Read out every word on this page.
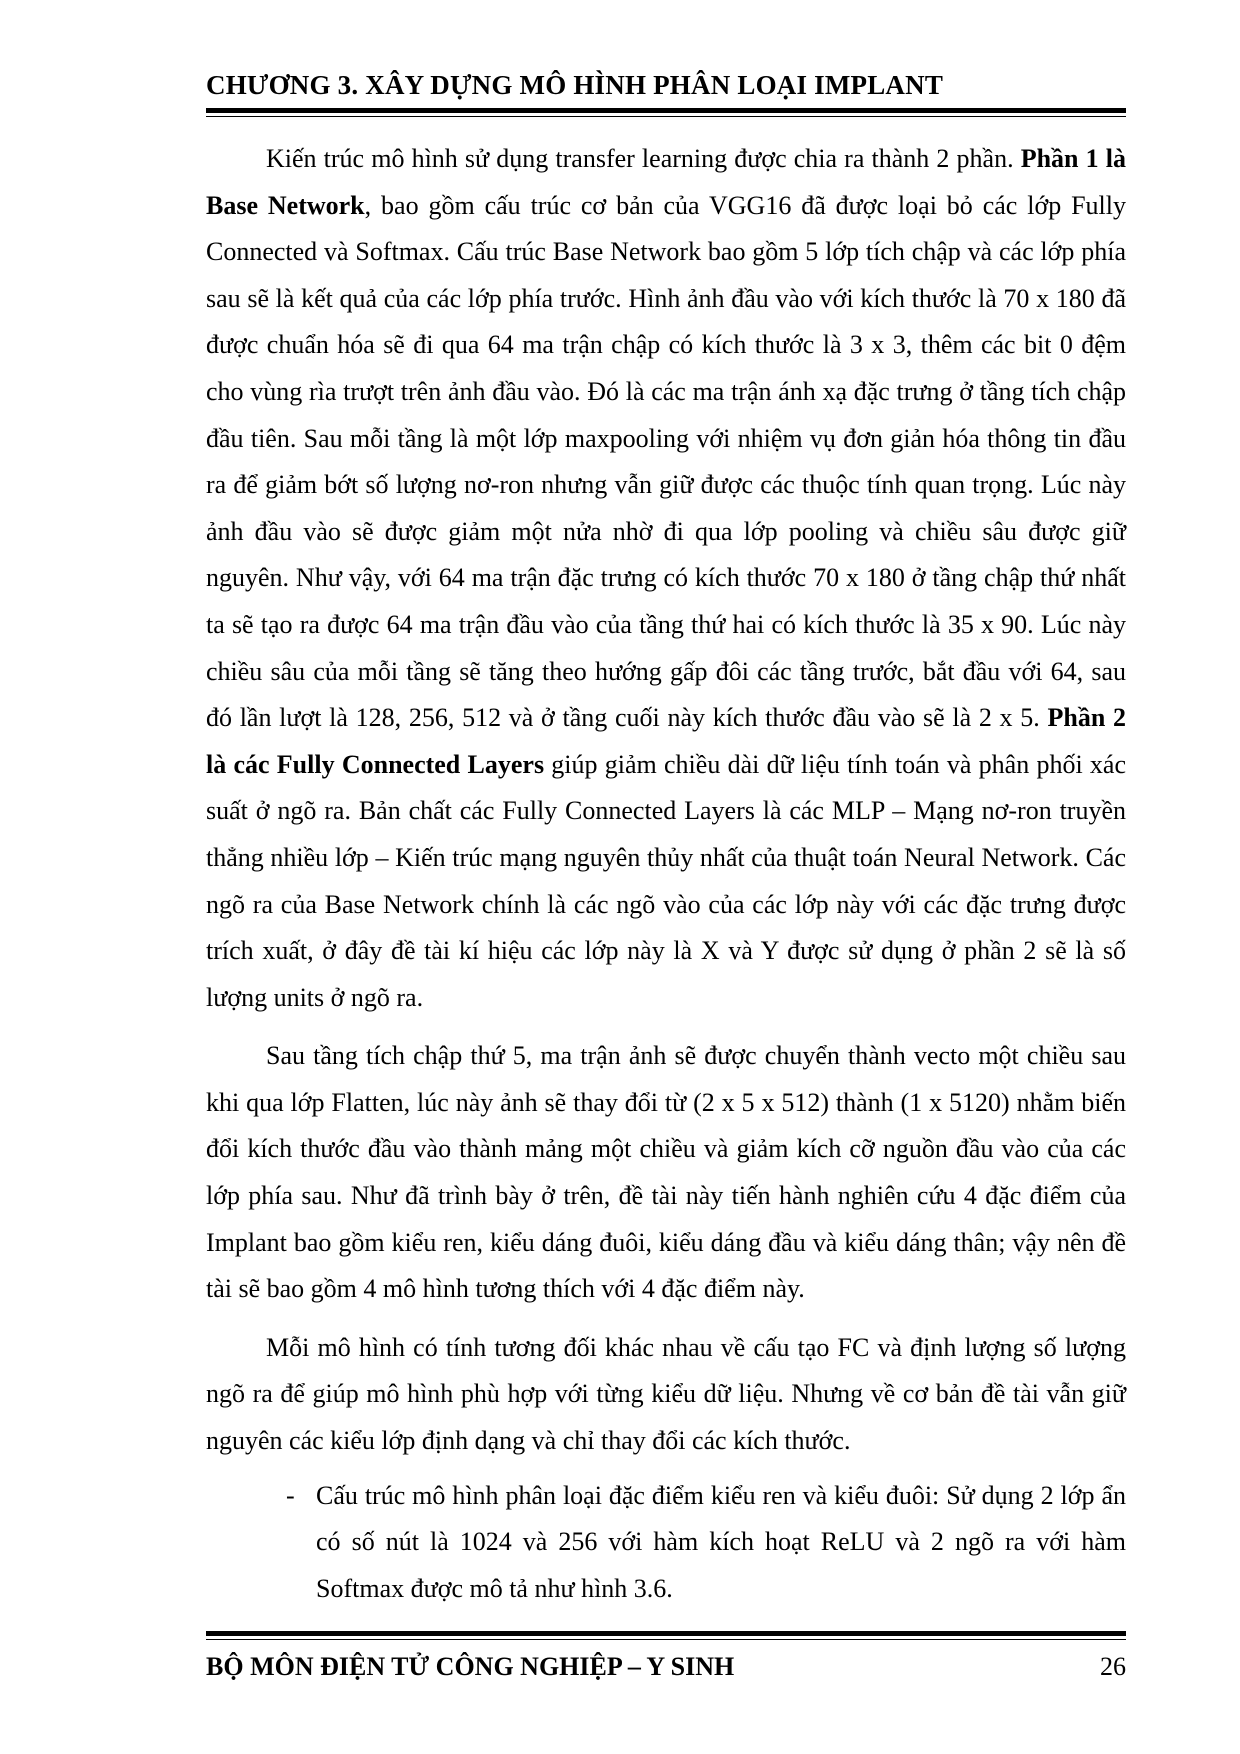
CHƯƠNG 3. XÂY DỰNG MÔ HÌNH PHÂN LOẠI IMPLANT

Kiến trúc mô hình sử dụng transfer learning được chia ra thành 2 phần. Phần 1 là Base Network, bao gồm cấu trúc cơ bản của VGG16 đã được loại bỏ các lớp Fully Connected và Softmax. Cấu trúc Base Network bao gồm 5 lớp tích chập và các lớp phía sau sẽ là kết quả của các lớp phía trước. Hình ảnh đầu vào với kích thước là 70 x 180 đã được chuẩn hóa sẽ đi qua 64 ma trận chập có kích thước là 3 x 3, thêm các bit 0 đệm cho vùng rìa trượt trên ảnh đầu vào. Đó là các ma trận ánh xạ đặc trưng ở tầng tích chập đầu tiên. Sau mỗi tầng là một lớp maxpooling với nhiệm vụ đơn giản hóa thông tin đầu ra để giảm bớt số lượng nơ-ron nhưng vẫn giữ được các thuộc tính quan trọng. Lúc này ảnh đầu vào sẽ được giảm một nửa nhờ đi qua lớp pooling và chiều sâu được giữ nguyên. Như vậy, với 64 ma trận đặc trưng có kích thước 70 x 180 ở tầng chập thứ nhất ta sẽ tạo ra được 64 ma trận đầu vào của tầng thứ hai có kích thước là 35 x 90. Lúc này chiều sâu của mỗi tầng sẽ tăng theo hướng gấp đôi các tầng trước, bắt đầu với 64, sau đó lần lượt là 128, 256, 512 và ở tầng cuối này kích thước đầu vào sẽ là 2 x 5. Phần 2 là các Fully Connected Layers giúp giảm chiều dài dữ liệu tính toán và phân phối xác suất ở ngõ ra. Bản chất các Fully Connected Layers là các MLP – Mạng nơ-ron truyền thẳng nhiều lớp – Kiến trúc mạng nguyên thủy nhất của thuật toán Neural Network. Các ngõ ra của Base Network chính là các ngõ vào của các lớp này với các đặc trưng được trích xuất, ở đây đề tài kí hiệu các lớp này là X và Y được sử dụng ở phần 2 sẽ là số lượng units ở ngõ ra.

Sau tầng tích chập thứ 5, ma trận ảnh sẽ được chuyển thành vecto một chiều sau khi qua lớp Flatten, lúc này ảnh sẽ thay đổi từ (2 x 5 x 512) thành (1 x 5120) nhằm biến đổi kích thước đầu vào thành mảng một chiều và giảm kích cỡ nguồn đầu vào của các lớp phía sau. Như đã trình bày ở trên, đề tài này tiến hành nghiên cứu 4 đặc điểm của Implant bao gồm kiểu ren, kiểu dáng đuôi, kiểu dáng đầu và kiểu dáng thân; vậy nên đề tài sẽ bao gồm 4 mô hình tương thích với 4 đặc điểm này.

Mỗi mô hình có tính tương đối khác nhau về cấu tạo FC và định lượng số lượng ngõ ra để giúp mô hình phù hợp với từng kiểu dữ liệu. Nhưng về cơ bản đề tài vẫn giữ nguyên các kiểu lớp định dạng và chỉ thay đổi các kích thước.

- Cấu trúc mô hình phân loại đặc điểm kiểu ren và kiểu đuôi: Sử dụng 2 lớp ẩn có số nút là 1024 và 256 với hàm kích hoạt ReLU và 2 ngõ ra với hàm Softmax được mô tả như hình 3.6.
BỘ MÔN ĐIỆN TỬ CÔNG NGHIỆP – Y SINH	26
